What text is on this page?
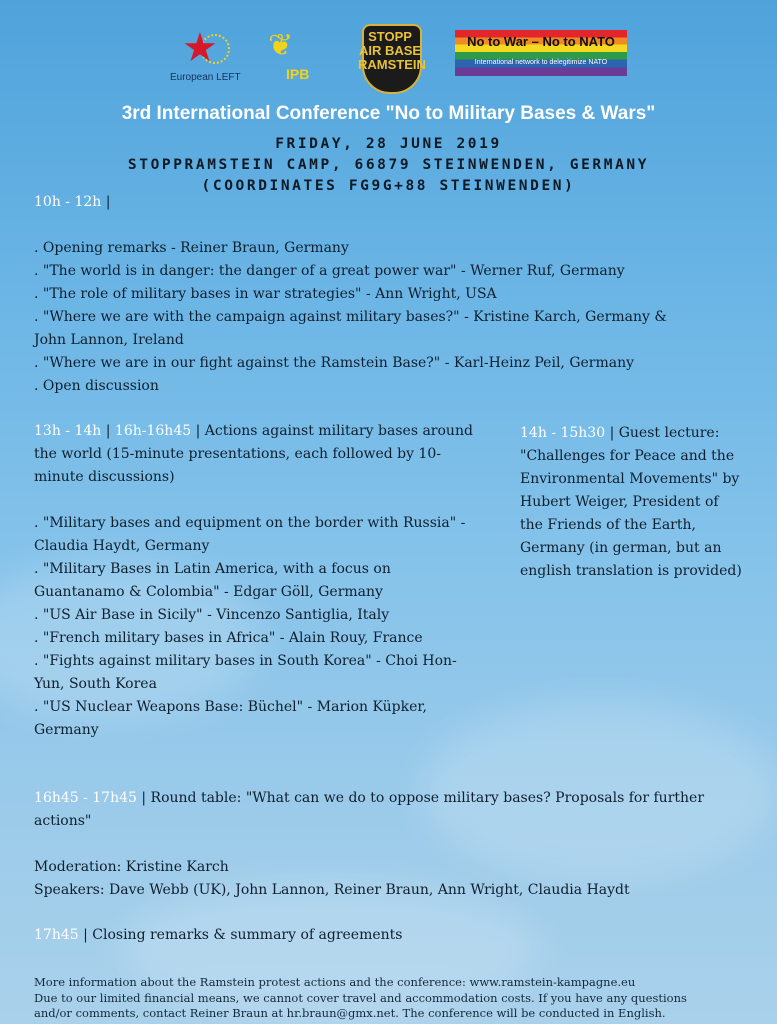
★
European LEFT
❦
IPB
STOPP AIR BASE RAMSTEIN
No to War – No to NATO
International network to delegitimize NATO
3rd International Conference "No to Military Bases & Wars"
FRIDAY, 28 JUNE 2019
STOPPRAMSTEIN CAMP, 66879 STEINWENDEN, GERMANY
(COORDINATES FG9G+88 STEINWENDEN)
10h - 12h |

. Opening remarks - Reiner Braun, Germany
. "The world is in danger: the danger of a great power war" - Werner Ruf, Germany
. "The role of military bases in war strategies" - Ann Wright, USA
. "Where we are with the campaign against military bases?" - Kristine Karch, Germany &
John Lannon, Ireland
. "Where we are in our fight against the Ramstein Base?" - Karl-Heinz Peil, Germany
. Open discussion
13h - 14h | 16h-16h45 | Actions against military bases around
the world (15-minute presentations, each followed by 10-
minute discussions)

. "Military bases and equipment on the border with Russia" -
Claudia Haydt, Germany
. "Military Bases in Latin America, with a focus on
Guantanamo & Colombia" - Edgar Göll, Germany
. "US Air Base in Sicily" - Vincenzo Santiglia, Italy
. "French military bases in Africa" - Alain Rouy, France
. "Fights against military bases in South Korea" - Choi Hon-
Yun, South Korea
. "US Nuclear Weapons Base: Büchel" - Marion Küpker,
Germany
14h - 15h30 | Guest lecture:
"Challenges for Peace and the
Environmental Movements" by
Hubert Weiger, President of
the Friends of the Earth,
Germany (in german, but an
english translation is provided)
16h45 - 17h45 | Round table: "What can we do to oppose military bases? Proposals for further
actions"

Moderation: Kristine Karch
Speakers: Dave Webb (UK), John Lannon, Reiner Braun, Ann Wright, Claudia Haydt
17h45 | Closing remarks & summary of agreements
More information about the Ramstein protest actions and the conference: www.ramstein-kampagne.eu
Due to our limited financial means, we cannot cover travel and accommodation costs. If you have any questions
and/or comments, contact Reiner Braun at hr.braun@gmx.net. The conference will be conducted in English.
